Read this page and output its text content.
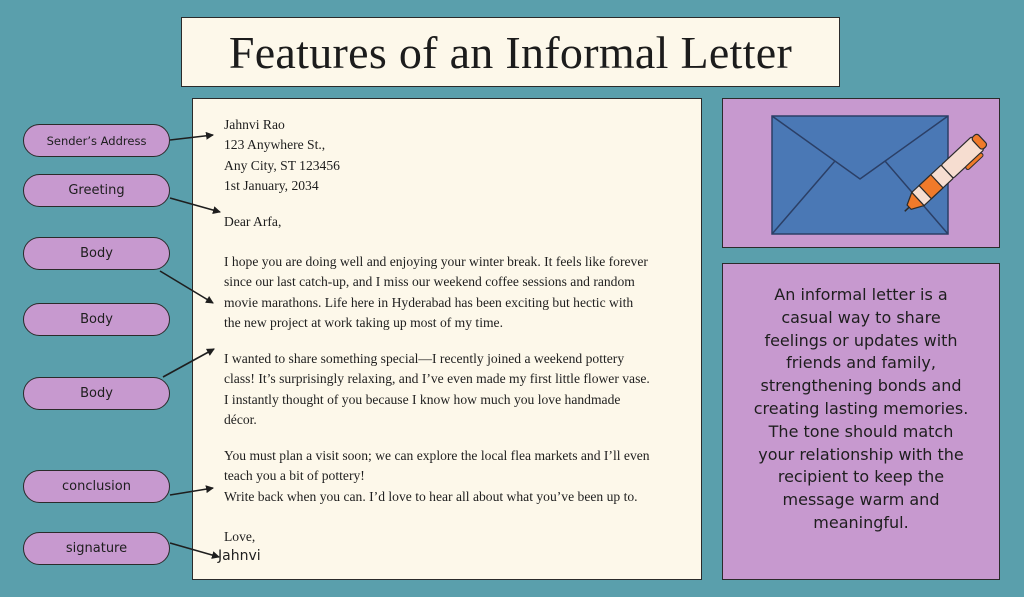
Features of an Informal Letter

Jahnvi Rao
123 Anywhere St.,
Any City, ST 123456
1st January, 2034

Dear Arfa,

I hope you are doing well and enjoying your winter break. It feels like forever
since our last catch-up, and I miss our weekend coffee sessions and random
movie marathons. Life here in Hyderabad has been exciting but hectic with
the new project at work taking up most of my time.

I wanted to share something special—I recently joined a weekend pottery
class! It’s surprisingly relaxing, and I’ve even made my first little flower vase.
I instantly thought of you because I know how much you love handmade
décor.

You must plan a visit soon; we can explore the local flea markets and I’ll even
teach you a bit of pottery!
Write back when you can. I’d love to hear all about what you’ve been up to.

Love,

Jahnvi
Sender’s Address
Greeting
Body
Body
Body
conclusion
signature

An informal letter is a casual way to share feelings or updates with friends and family, strengthening bonds and creating lasting memories. The tone should match your relationship with the recipient to keep the message warm and meaningful.
